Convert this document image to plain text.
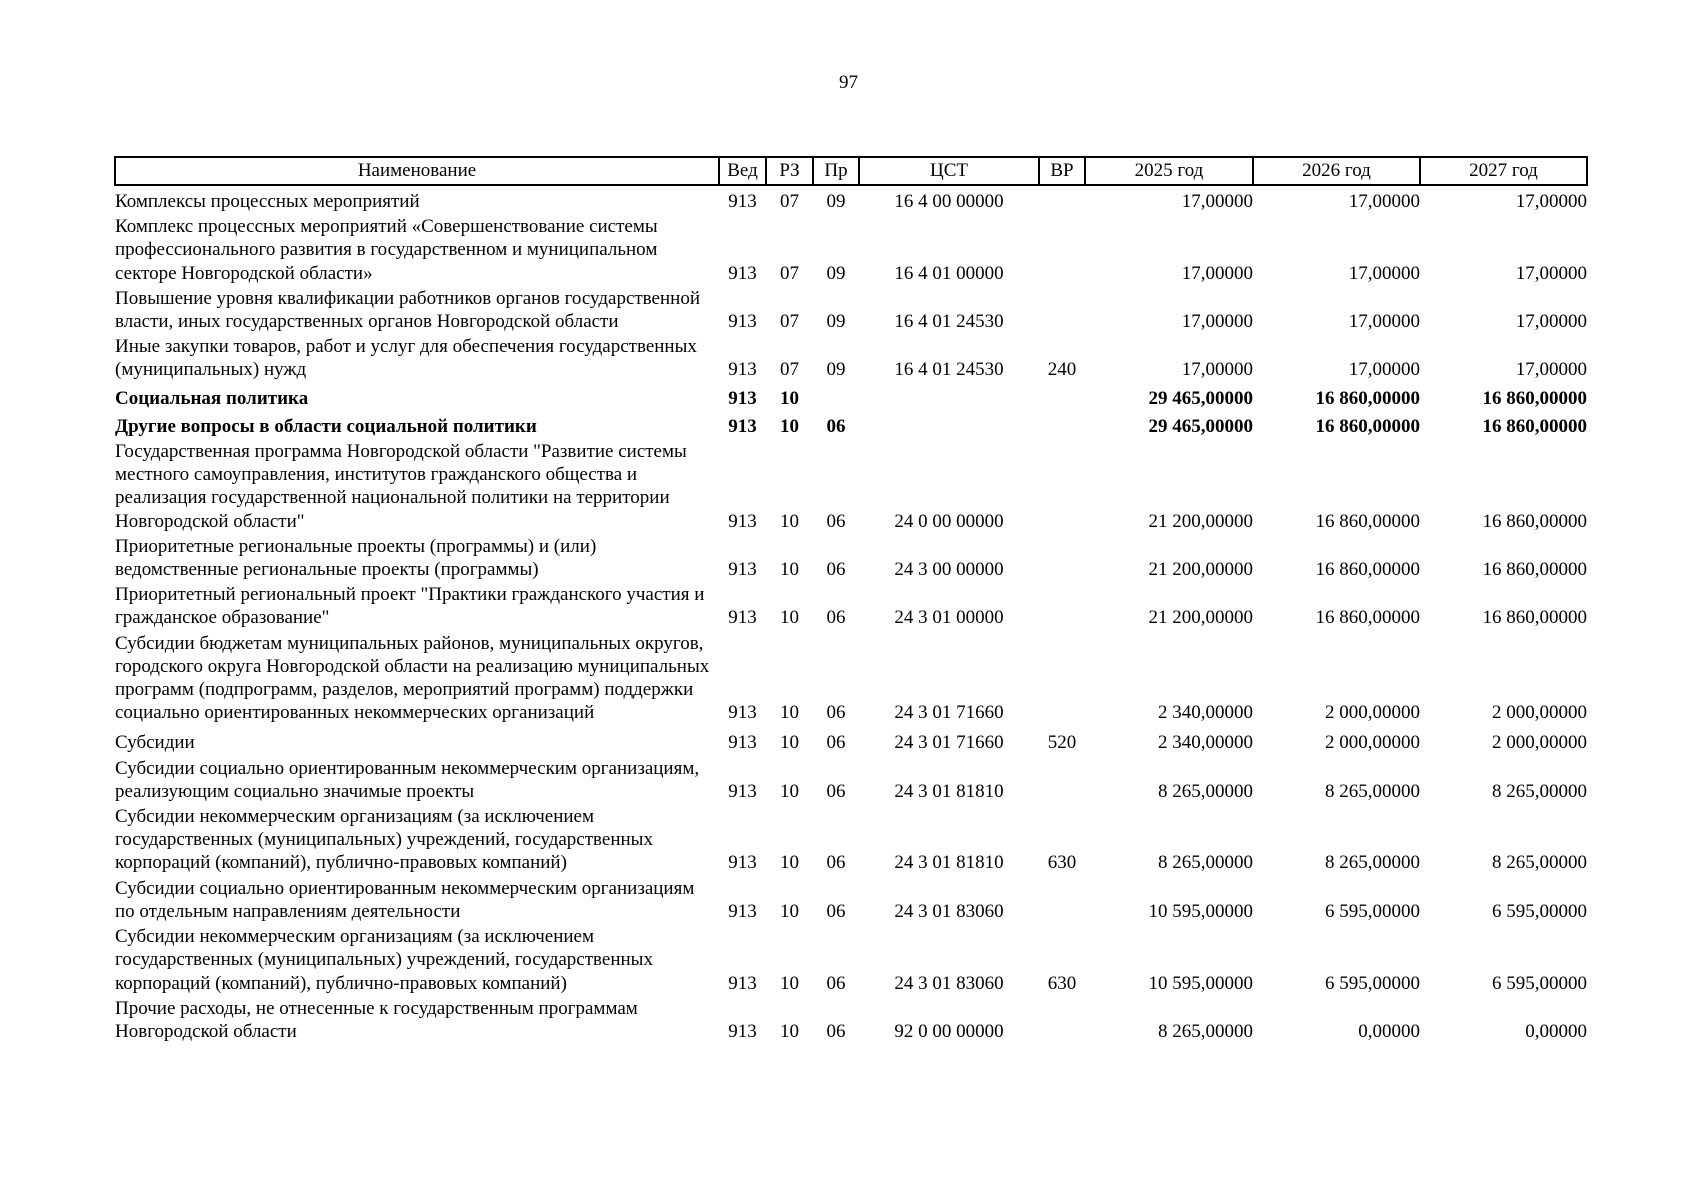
97
Наименование	Вед	РЗ	Пр	ЦСТ	ВР	2025 год	2026 год	2027 год
Комплексы процессных мероприятий	913	07	09	16 4 00 00000		17,00000	17,00000	17,00000
Комплекс процессных мероприятий «Совершенствование системы профессионального развития в государственном и муниципальном секторе Новгородской области»	913	07	09	16 4 01 00000		17,00000	17,00000	17,00000
Повышение уровня квалификации работников органов государственной власти, иных государственных органов Новгородской области	913	07	09	16 4 01 24530		17,00000	17,00000	17,00000
Иные закупки товаров, работ и услуг для обеспечения государственных (муниципальных) нужд	913	07	09	16 4 01 24530	240	17,00000	17,00000	17,00000
Социальная политика	913	10				29 465,00000	16 860,00000	16 860,00000
Другие вопросы в области социальной политики	913	10	06			29 465,00000	16 860,00000	16 860,00000
Государственная программа Новгородской области "Развитие системы местного самоуправления, институтов гражданского общества и реализация государственной национальной политики на территории Новгородской области"	913	10	06	24 0 00 00000		21 200,00000	16 860,00000	16 860,00000
Приоритетные региональные проекты (программы) и (или) ведомственные региональные проекты (программы)	913	10	06	24 3 00 00000		21 200,00000	16 860,00000	16 860,00000
Приоритетный региональный проект "Практики гражданского участия и гражданское образование"	913	10	06	24 3 01 00000		21 200,00000	16 860,00000	16 860,00000
Субсидии бюджетам муниципальных районов, муниципальных округов, городского округа Новгородской области на реализацию муниципальных программ (подпрограмм, разделов, мероприятий программ) поддержки социально ориентированных некоммерческих организаций	913	10	06	24 3 01 71660		2 340,00000	2 000,00000	2 000,00000
Субсидии	913	10	06	24 3 01 71660	520	2 340,00000	2 000,00000	2 000,00000
Субсидии социально ориентированным некоммерческим организациям, реализующим социально значимые проекты	913	10	06	24 3 01 81810		8 265,00000	8 265,00000	8 265,00000
Субсидии некоммерческим организациям (за исключением государственных (муниципальных) учреждений, государственных корпораций (компаний), публично-правовых компаний)	913	10	06	24 3 01 81810	630	8 265,00000	8 265,00000	8 265,00000
Субсидии социально ориентированным некоммерческим организациям по отдельным направлениям деятельности	913	10	06	24 3 01 83060		10 595,00000	6 595,00000	6 595,00000
Субсидии некоммерческим организациям (за исключением государственных (муниципальных) учреждений, государственных корпораций (компаний), публично-правовых компаний)	913	10	06	24 3 01 83060	630	10 595,00000	6 595,00000	6 595,00000
Прочие расходы, не отнесенные к государственным программам Новгородской области	913	10	06	92 0 00 00000		8 265,00000	0,00000	0,00000
